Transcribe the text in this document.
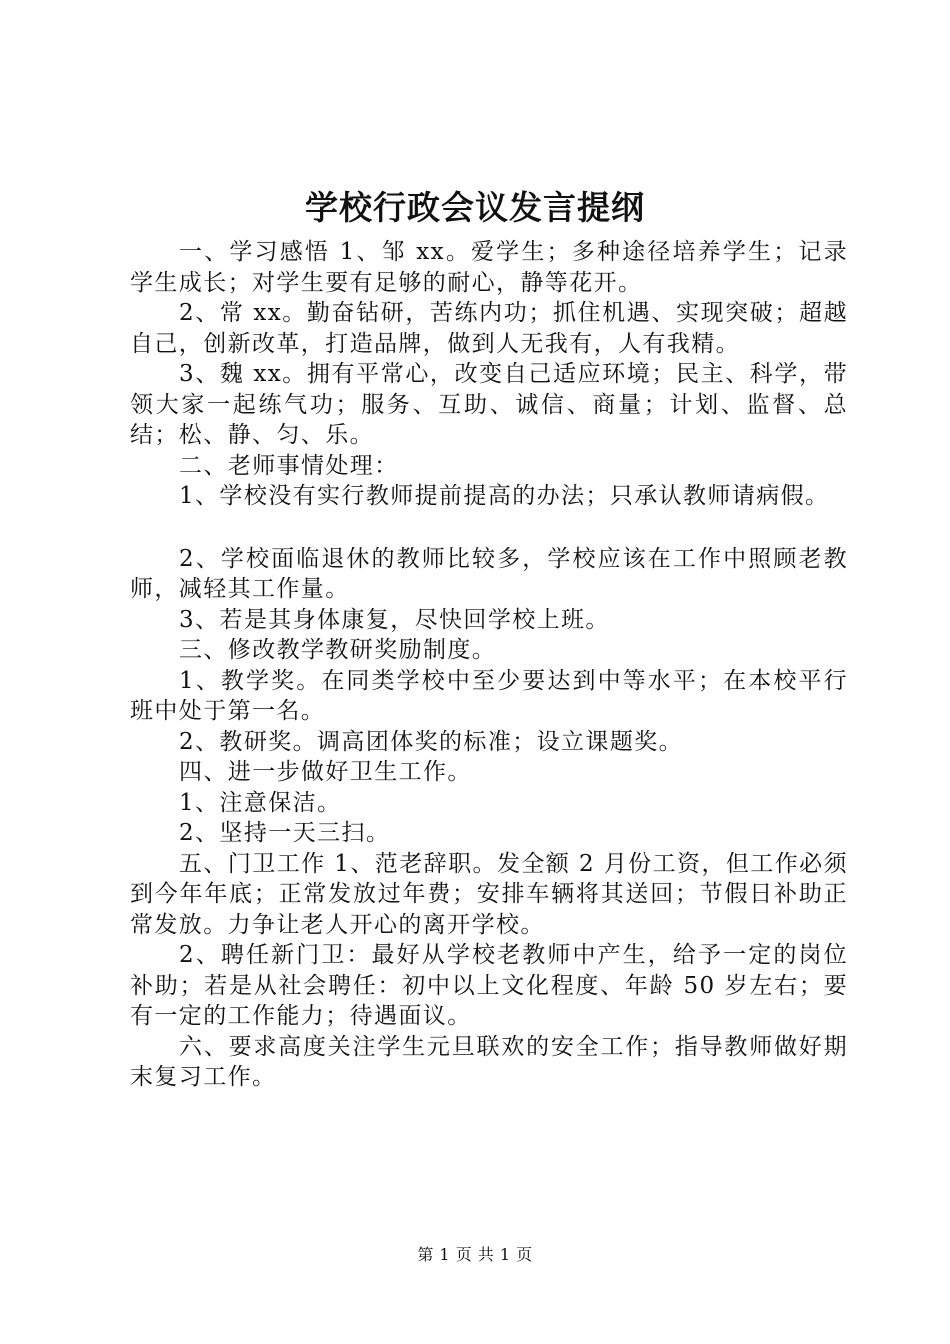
学校行政会议发言提纲

一、学习感悟 1、邹 xx。爱学生；多种途径培养学生；记录学生成长；对学生要有足够的耐心，静等花开。

2、常 xx。勤奋钻研，苦练内功；抓住机遇、实现突破；超越自己，创新改革，打造品牌，做到人无我有，人有我精。

3、魏 xx。拥有平常心，改变自己适应环境；民主、科学，带领大家一起练气功；服务、互助、诚信、商量；计划、监督、总结；松、静、匀、乐。

二、老师事情处理：

1、学校没有实行教师提前提高的办法；只承认教师请病假。

2、学校面临退休的教师比较多，学校应该在工作中照顾老教师，减轻其工作量。

3、若是其身体康复，尽快回学校上班。

三、修改教学教研奖励制度。

1、教学奖。在同类学校中至少要达到中等水平；在本校平行班中处于第一名。

2、教研奖。调高团体奖的标准；设立课题奖。

四、进一步做好卫生工作。

1、注意保洁。

2、坚持一天三扫。

五、门卫工作 1、范老辞职。发全额 2 月份工资，但工作必须到今年年底；正常发放过年费；安排车辆将其送回；节假日补助正常发放。力争让老人开心的离开学校。

2、聘任新门卫：最好从学校老教师中产生，给予一定的岗位补助；若是从社会聘任：初中以上文化程度、年龄 50 岁左右；要有一定的工作能力；待遇面议。

六、要求高度关注学生元旦联欢的安全工作；指导教师做好期末复习工作。

第 1 页 共 1 页
